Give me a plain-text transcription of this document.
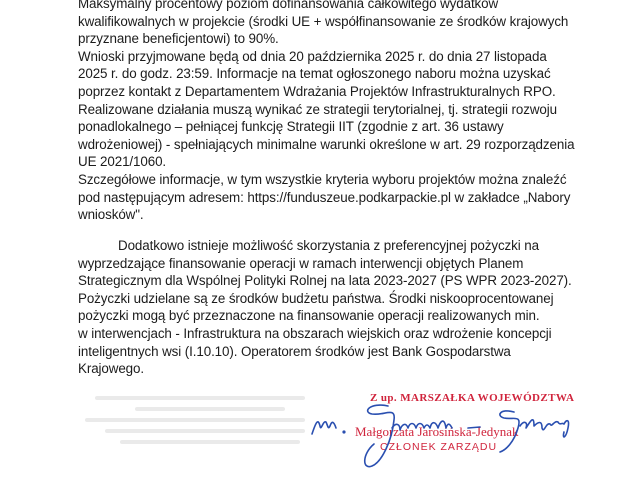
Maksymalny procentowy poziom dofinansowania całkowitego wydatków
kwalifikowalnych w projekcie (środki UE + współfinansowanie ze środków krajowych
przyznane beneficjentowi) to 90%.
Wnioski przyjmowane będą od dnia 20 października 2025 r. do dnia 27 listopada
2025 r. do godz. 23:59. Informacje na temat ogłoszonego naboru można uzyskać
poprzez kontakt z Departamentem Wdrażania Projektów Infrastrukturalnych RPO.
Realizowane działania muszą wynikać ze strategii terytorialnej, tj. strategii rozwoju
ponadlokalnego – pełniącej funkcję Strategii IIT (zgodnie z art. 36 ustawy
wdrożeniowej) - spełniających minimalne warunki określone w art. 29 rozporządzenia
UE 2021/1060.
Szczegółowe informacje, w tym wszystkie kryteria wyboru projektów można znaleźć
pod następującym adresem: https://funduszeue.podkarpackie.pl w zakładce „Nabory
wniosków".
Dodatkowo istnieje możliwość skorzystania z preferencyjnej pożyczki na
wyprzedzające finansowanie operacji w ramach interwencji objętych Planem
Strategicznym dla Wspólnej Polityki Rolnej na lata 2023-2027 (PS WPR 2023-2027).
Pożyczki udzielane są ze środków budżetu państwa. Środki niskooprocentowanej
pożyczki mogą być przeznaczone na finansowanie operacji realizowanych min.
w interwencjach - Infrastruktura na obszarach wiejskich oraz wdrożenie koncepcji
inteligentnych wsi (I.10.10). Operatorem środków jest Bank Gospodarstwa
Krajowego.
Z up. MARSZAŁKA WOJEWÓDZTWA
Małgorzata Jarosińska-Jedynak
CZŁONEK ZARZĄDU
